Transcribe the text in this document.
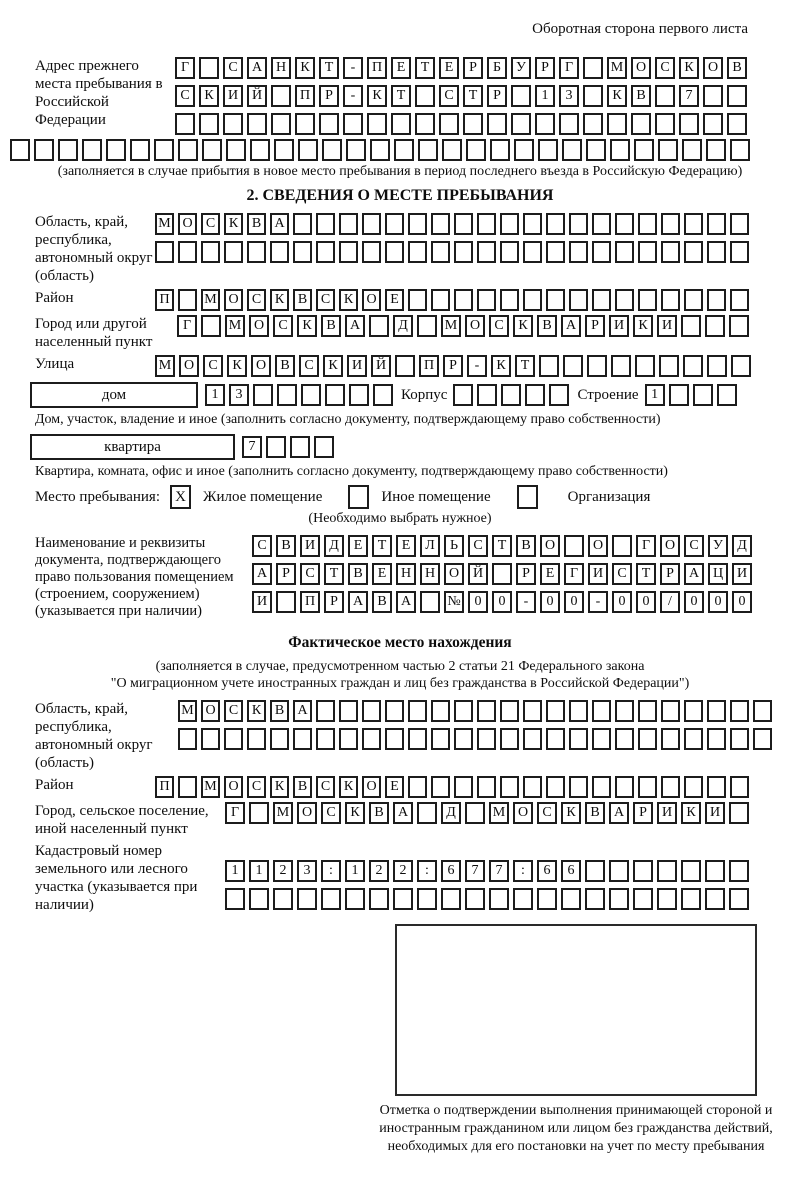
Оборотная сторона первого листа
Адрес прежнего места пребывания в Российской Федерации
Г	С А Н К Т - П Е Т Е Р Б У Р Г	М О С К О В
С К И Й	П Р - К Т	С Т Р	1 3	К В	7
(заполняется в случае прибытия в новое место пребывания в период последнего въезда в Российскую Федерацию)
2. СВЕДЕНИЯ О МЕСТЕ ПРЕБЫВАНИЯ
Область, край, республика, автономный округ (область)
М О С К В А
Район	П М О С К В С К О Е
Город или другой населенный пункт
Г	М О С К В А	Д	М О С К В А Р И К И
Улица	М О С К О В С К И Й	П Р - К Т
дом	1 3	Корпус	Строение 1
Дом, участок, владение и иное (заполнить согласно документу, подтверждающему право собственности)
квартира	7
Квартира, комната, офис и иное (заполнить согласно документу, подтверждающему право собственности)
Место пребывания:	X	Жилое помещение	Иное помещение	Организация
(Необходимо выбрать нужное)
Наименование и реквизиты документа, подтверждающего право пользования помещением (строением, сооружением) (указывается при наличии)
С В И Д Е Т Е Л Ь С Т В О	О	Г О С У Д
А Р С Т В Е Н Н О Й	Р Е Г И С Т Р А Ц И
И	П Р А В А	№ 0 0 - 0 0 - 0 0 / 0 0 0
Фактическое место нахождения
(заполняется в случае, предусмотренном частью 2 статьи 21 Федерального закона
"О миграционном учете иностранных граждан и лиц без гражданства в Российской Федерации")
Область, край, республика, автономный округ (область)
М О С К В А
Район	П М О С К В С К О Е
Город, сельское поселение, иной населенный пункт
Г	М О С К В А	Д	М О С К В А Р И К И
Кадастровый номер земельного или лесного участка (указывается при наличии)
1 1 2 3 : 1 2 2 : 6 7 7 : 6 6
Отметка о подтверждении выполнения принимающей стороной и иностранным гражданином или лицом без гражданства действий, необходимых для его постановки на учет по месту пребывания
